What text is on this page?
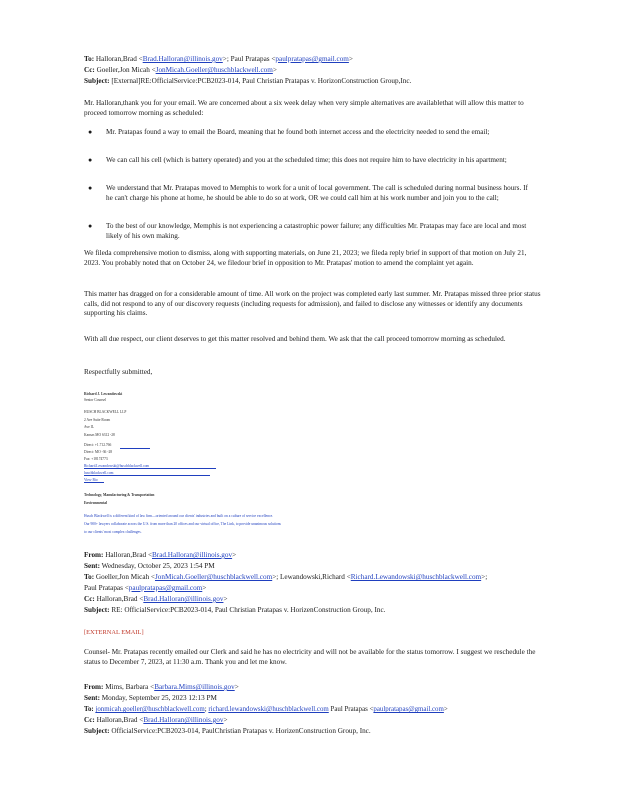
To: Halloran,Brad <Brad.Halloran@illinois.gov>; Paul Pratapas <paulpratapas@gmail.com>
Cc: Goeller,Jon Micah <JonMicah.Goeller@huschblackwell.com>
Subject: [External]RE:OfficialService:PCB2023-014, Paul Christian Pratapas v. HorizonConstruction Group,Inc.
Mr. Halloran,thank you for your email. We are concerned about a six week delay when very simple alternatives are availablethat will allow this matter to proceed tomorrow morning as scheduled:
● Mr. Pratapas found a way to email the Board, meaning that he found both internet access and the electricity needed to send the email;
● We can call his cell (which is battery operated) and you at the scheduled time; this does not require him to have electricity in his apartment;
● We understand that Mr. Pratapas moved to Memphis to work for a unit of local government. The call is scheduled during normal business hours. If he can't charge his phone at home, he should be able to do so at work, OR we could call him at his work number and join you to the call;
● To the best of our knowledge, Memphis is not experiencing a catastrophic power failure; any difficulties Mr. Pratapas may face are local and most likely of his own making.
We fileda comprehensive motion to dismiss, along with supporting materials, on June 21, 2023; we fileda reply brief in support of that motion on July 21, 2023. You probably noted that on October 24, we filedour brief in opposition to Mr. Pratapas' motion to amend the complaint yet again.
This matter has dragged on for a considerable amount of time. All work on the project was completed early last summer. Mr. Pratapas missed three prior status calls, did not respond to any of our discovery requests (including requests for admission), and failed to disclose any witnesses or identify any documents supporting his claims.
With all due respect, our client deserves to get this matter resolved and behind them. We ask that the call proceed tomorrow morning as scheduled.
Respectfully submitted,
Richard J. Lewandowski
Senior Counsel
HUSCH BLACKWELL LLP
2 Ave Suite Room
Ave IL
Kansas MO 6312 -28
Direct: +1.712.766
Direct: MO -36 -28
Fax: +18174773
Richard.Lewandowski@huschblackwell.com
huschblackwell.com
View Bio
Technology, Manufacturing & Transportation
Environmental
Husch Blackwell is a different kind of law firm—oriented around our clients' industries and built on a culture of service excellence.
Our 900+ lawyers collaborate across the U.S. from more than 20 offices and our virtual office, The Link, to provide unanimous solutions
to our clients' most complex challenges.
From: Halloran,Brad <Brad.Halloran@illinois.gov>
Sent: Wednesday, October 25, 2023 1:54 PM
To: Goeller,Jon Micah <JonMicah.Goeller@huschblackwell.com>; Lewandowski,Richard <Richard.Lewandowski@huschblackwell.com>;
Paul Pratapas <paulpratapas@gmail.com>
Cc: Halloran,Brad <Brad.Halloran@illinois.gov>
Subject: RE: OfficialService:PCB2023-014, Paul Christian Pratapas v. HorizenConstruction Group, Inc.
[EXTERNAL EMAIL]
Counsel- Mr. Pratapas recently emailed our Clerk and said he has no electricity and will not be available for the status tomorrow. I suggest we reschedule the status to December 7, 2023, at 11:30 a.m. Thank you and let me know.
From: Mims, Barbara <Barbara.Mims@illinois.gov>
Sent: Monday, September 25, 2023 12:13 PM
To: jonmicah.goeller@huschblackwell.com; richard.lewandowski@huschblackwell.com Paul Pratapas <paulpratapas@gmail.com>
Cc: Halloran,Brad <Brad.Halloran@illinois.gov>
Subject: OfficialService:PCB2023-014, PaulChristian Pratapas v. HorizenConstruction Group, Inc.
